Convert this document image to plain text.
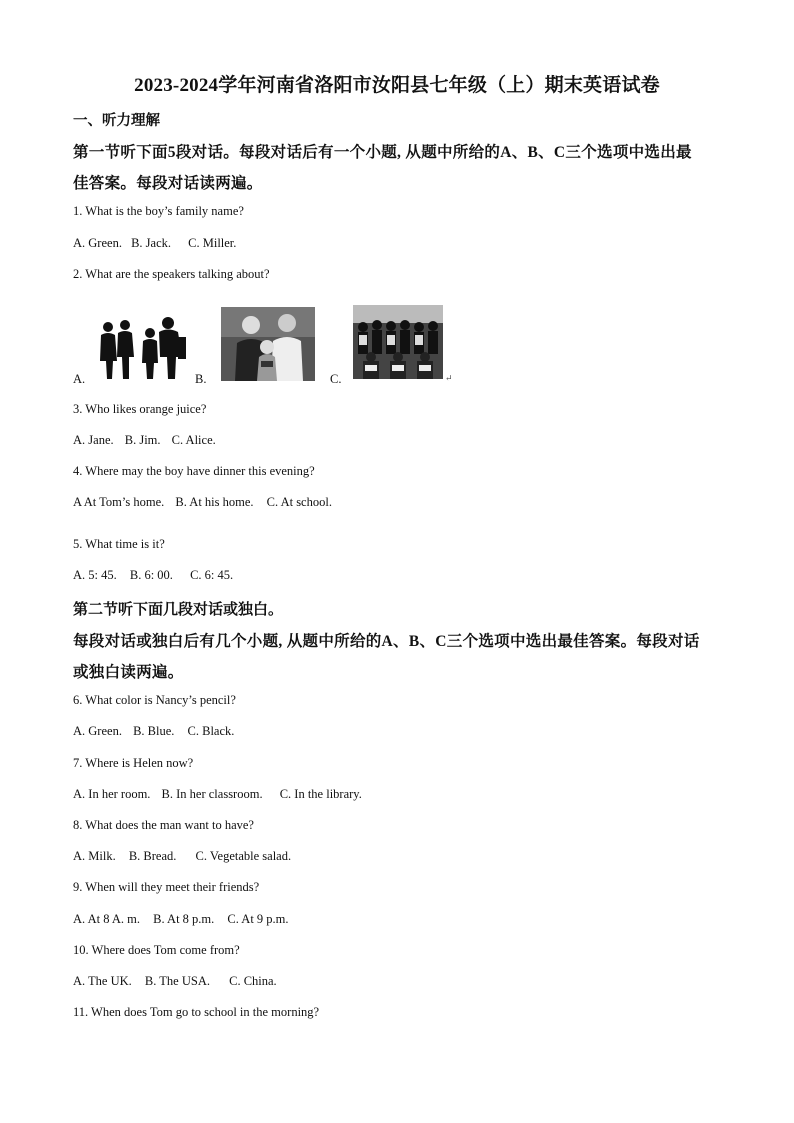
2023-2024学年河南省洛阳市汝阳县七年级（上）期末英语试卷
一、听力理解
第一节听下面5段对话。每段对话后有一个小题, 从题中所给的A、B、C三个选项中选出最
佳答案。每段对话读两遍。
1. What is the boy’s family name?
A. Green. B. Jack. C. Miller.
2. What are the speakers talking about?
A.	B.	C.	↵
3. Who likes orange juice?
A. Jane. B. Jim. C. Alice.
4. Where may the boy have dinner this evening?
A At Tom’s home. B. At his home. C. At school.
5. What time is it?
A. 5: 45. B. 6: 00. C. 6: 45.
第二节听下面几段对话或独白。
每段对话或独白后有几个小题, 从题中所给的A、B、C三个选项中选出最佳答案。每段对话
或独白读两遍。
6. What color is Nancy’s pencil?
A. Green. B. Blue. C. Black.
7. Where is Helen now?
A. In her room. B. In her classroom. C. In the library.
8. What does the man want to have?
A. Milk. B. Bread. C. Vegetable salad.
9. When will they meet their friends?
A. At 8 A. m. B. At 8 p.m. C. At 9 p.m.
10. Where does Tom come from?
A. The UK. B. The USA. C. China.
11. When does Tom go to school in the morning?
